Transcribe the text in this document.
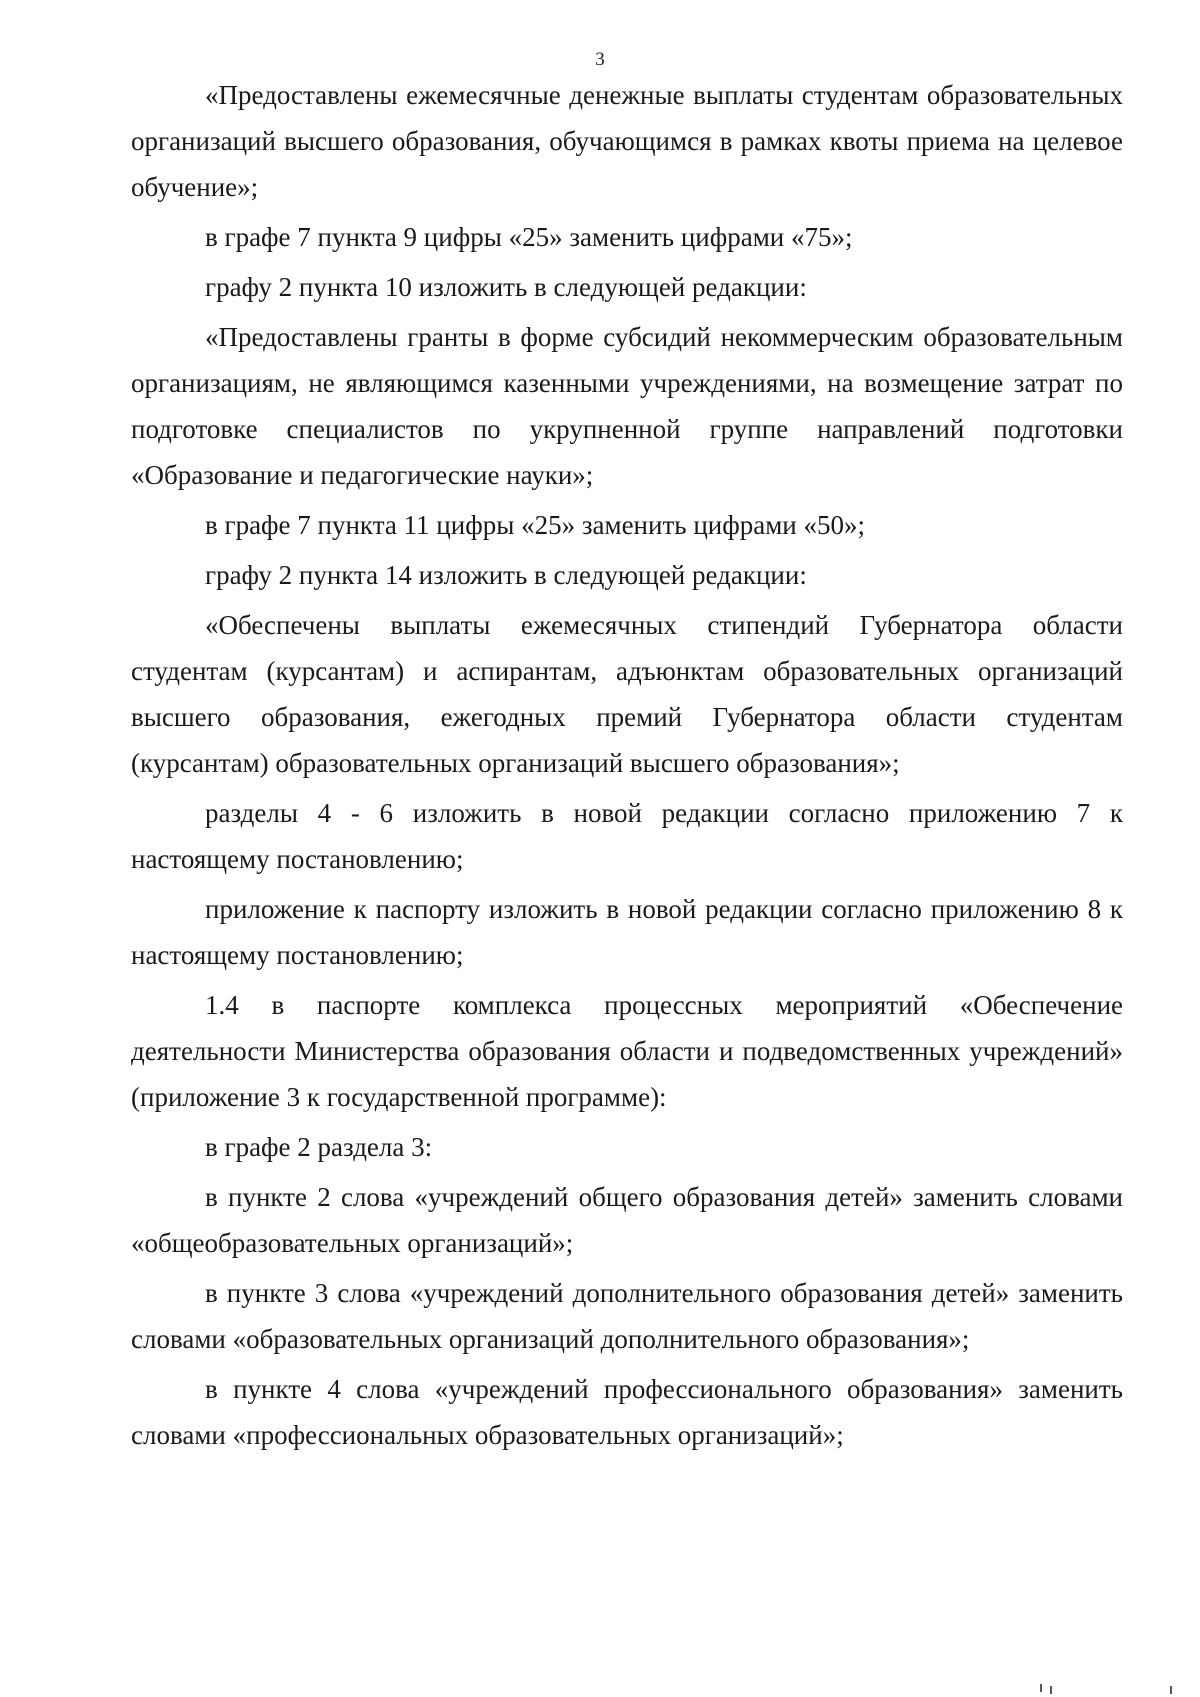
3

«Предоставлены ежемесячные денежные выплаты студентам образовательных организаций высшего образования, обучающимся в рамках квоты приема на целевое обучение»;

в графе 7 пункта 9 цифры «25» заменить цифрами «75»;

графу 2 пункта 10 изложить в следующей редакции:

«Предоставлены гранты в форме субсидий некоммерческим образовательным организациям, не являющимся казенными учреждениями, на возмещение затрат по подготовке специалистов по укрупненной группе направлений подготовки «Образование и педагогические науки»;

в графе 7 пункта 11 цифры «25» заменить цифрами «50»;

графу 2 пункта 14 изложить в следующей редакции:

«Обеспечены выплаты ежемесячных стипендий Губернатора области студентам (курсантам) и аспирантам, адъюнктам образовательных организаций высшего образования, ежегодных премий Губернатора области студентам (курсантам) образовательных организаций высшего образования»;

разделы 4 - 6 изложить в новой редакции согласно приложению 7 к настоящему постановлению;

приложение к паспорту изложить в новой редакции согласно приложению 8 к настоящему постановлению;

1.4 в паспорте комплекса процессных мероприятий «Обеспечение деятельности Министерства образования области и подведомственных учреждений» (приложение 3 к государственной программе):

в графе 2 раздела 3:

в пункте 2 слова «учреждений общего образования детей» заменить словами «общеобразовательных организаций»;

в пункте 3 слова «учреждений дополнительного образования детей» заменить словами «образовательных организаций дополнительного образования»;

в пункте 4 слова «учреждений профессионального образования» заменить словами «профессиональных образовательных организаций»;
